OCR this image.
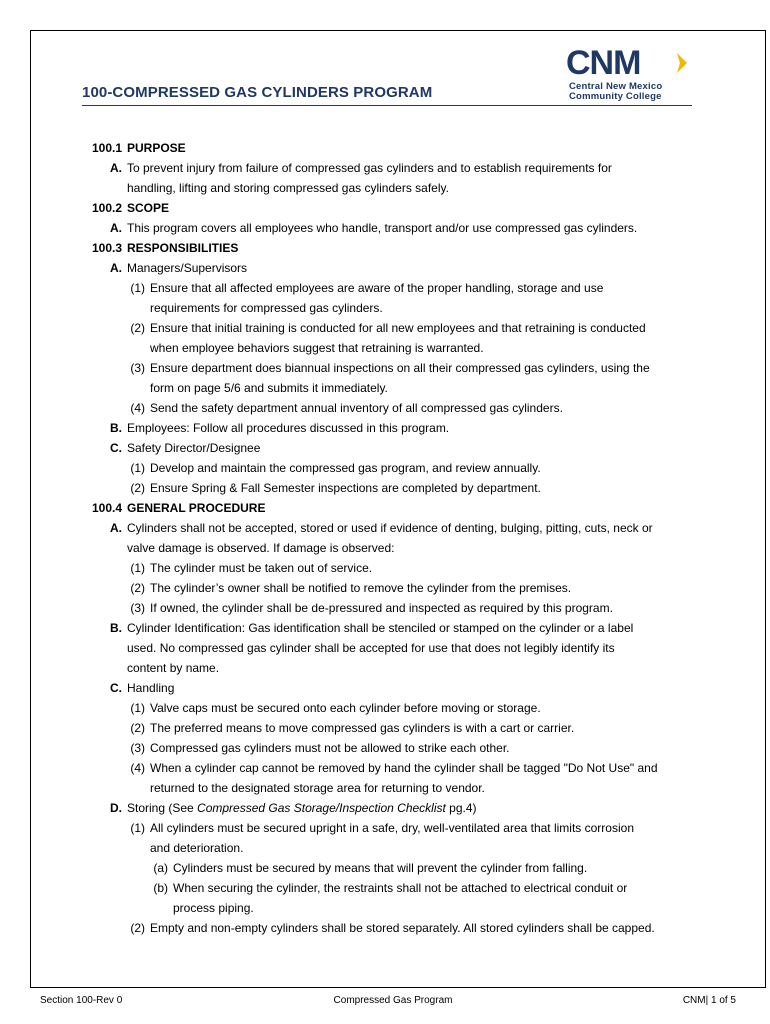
100-COMPRESSED GAS CYLINDERS PROGRAM
CNM
Central New Mexico
Community College
100.1 PURPOSE
A. To prevent injury from failure of compressed gas cylinders and to establish requirements for
handling, lifting and storing compressed gas cylinders safely.
100.2 SCOPE
A. This program covers all employees who handle, transport and/or use compressed gas cylinders.
100.3 RESPONSIBILITIES
A. Managers/Supervisors
(1) Ensure that all affected employees are aware of the proper handling, storage and use
requirements for compressed gas cylinders.
(2) Ensure that initial training is conducted for all new employees and that retraining is conducted
when employee behaviors suggest that retraining is warranted.
(3) Ensure department does biannual inspections on all their compressed gas cylinders, using the
form on page 5/6 and submits it immediately.
(4) Send the safety department annual inventory of all compressed gas cylinders.
B. Employees: Follow all procedures discussed in this program.
C. Safety Director/Designee
(1) Develop and maintain the compressed gas program, and review annually.
(2) Ensure Spring & Fall Semester inspections are completed by department.
100.4 GENERAL PROCEDURE
A. Cylinders shall not be accepted, stored or used if evidence of denting, bulging, pitting, cuts, neck or
valve damage is observed. If damage is observed:
(1) The cylinder must be taken out of service.
(2) The cylinder’s owner shall be notified to remove the cylinder from the premises.
(3) If owned, the cylinder shall be de-pressured and inspected as required by this program.
B. Cylinder Identification: Gas identification shall be stenciled or stamped on the cylinder or a label
used. No compressed gas cylinder shall be accepted for use that does not legibly identify its
content by name.
C. Handling
(1) Valve caps must be secured onto each cylinder before moving or storage.
(2) The preferred means to move compressed gas cylinders is with a cart or carrier.
(3) Compressed gas cylinders must not be allowed to strike each other.
(4) When a cylinder cap cannot be removed by hand the cylinder shall be tagged "Do Not Use" and
returned to the designated storage area for returning to vendor.
D. Storing (See Compressed Gas Storage/Inspection Checklist pg.4)
(1) All cylinders must be secured upright in a safe, dry, well-ventilated area that limits corrosion
and deterioration.
(a) Cylinders must be secured by means that will prevent the cylinder from falling.
(b) When securing the cylinder, the restraints shall not be attached to electrical conduit or
process piping.
(2) Empty and non-empty cylinders shall be stored separately. All stored cylinders shall be capped.
Section 100-Rev 0	Compressed Gas Program	CNM| 1 of 5
